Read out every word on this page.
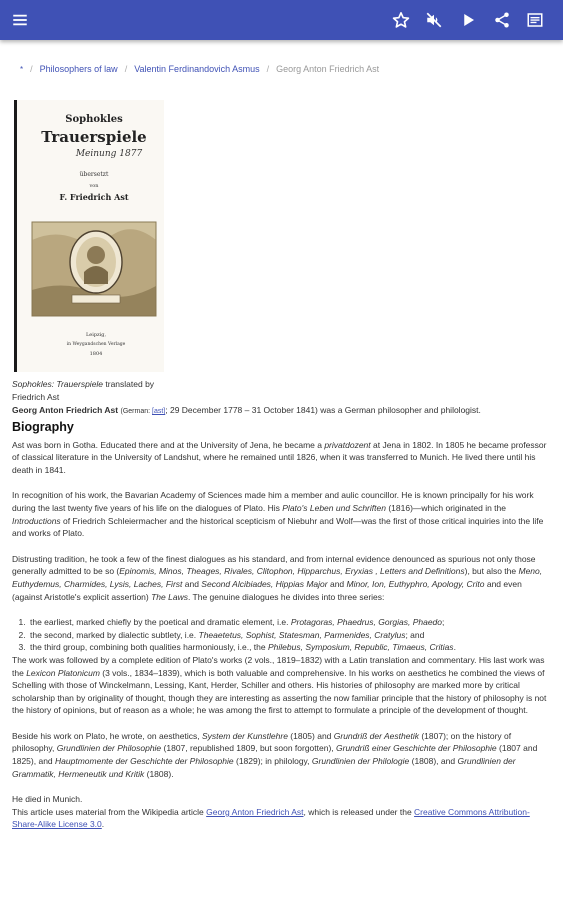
* / Philosophers of law / Valentin Ferdinandovich Asmus / Georg Anton Friedrich Ast
Sophokles
Trauerspiele
Meinung 1877
übersetzt
von
F. Friedrich Ast
Leipzig,
in Weygandschen Verlage
1804
Sophokles: Trauerspiele translated by
Friedrich Ast

Georg Anton Friedrich Ast (German: [ast]; 29 December 1778 – 31 October 1841) was a German philosopher and philologist.

Biography

Ast was born in Gotha. Educated there and at the University of Jena, he became a privatdozent at Jena in 1802. In 1805 he became professor of classical literature in the University of Landshut, where he remained until 1826, when it was transferred to Munich. He lived there until his death in 1841.

In recognition of his work, the Bavarian Academy of Sciences made him a member and aulic councillor. He is known principally for his work during the last twenty five years of his life on the dialogues of Plato. His Plato's Leben und Schriften (1816)—which originated in the Introductions of Friedrich Schleiermacher and the historical scepticism of Niebuhr and Wolf—was the first of those critical inquiries into the life and works of Plato.

Distrusting tradition, he took a few of the finest dialogues as his standard, and from internal evidence denounced as spurious not only those generally admitted to be so (Epinomis, Minos, Theages, Rivales, Clitophon, Hipparchus, Eryxias , Letters and Definitions), but also the Meno, Euthydemus, Charmides, Lysis, Laches, First and Second Alcibiades, Hippias Major and Minor, Ion, Euthyphro, Apology, Crito and even (against Aristotle's explicit assertion) The Laws. The genuine dialogues he divides into three series:

1. the earliest, marked chiefly by the poetical and dramatic element, i.e. Protagoras, Phaedrus, Gorgias, Phaedo;
2. the second, marked by dialectic subtlety, i.e. Theaetetus, Sophist, Statesman, Parmenides, Cratylus; and
3. the third group, combining both qualities harmoniously, i.e., the Philebus, Symposium, Republic, Timaeus, Critias.

The work was followed by a complete edition of Plato's works (2 vols., 1819–1832) with a Latin translation and commentary. His last work was the Lexicon Platonicum (3 vols., 1834–1839), which is both valuable and comprehensive. In his works on aesthetics he combined the views of Schelling with those of Winckelmann, Lessing, Kant, Herder, Schiller and others. His histories of philosophy are marked more by critical scholarship than by originality of thought, though they are interesting as asserting the now familiar principle that the history of philosophy is not the history of opinions, but of reason as a whole; he was among the first to attempt to formulate a principle of the development of thought.

Beside his work on Plato, he wrote, on aesthetics, System der Kunstlehre (1805) and Grundriß der Aesthetik (1807); on the history of philosophy, Grundlinien der Philosophie (1807, republished 1809, but soon forgotten), Grundriß einer Geschichte der Philosophie (1807 and 1825), and Hauptmomente der Geschichte der Philosophie (1829); in philology, Grundlinien der Philologie (1808), and Grundlinien der Grammatik, Hermeneutik und Kritik (1808).

He died in Munich.

This article uses material from the Wikipedia article Georg Anton Friedrich Ast, which is released under the Creative Commons Attribution-Share-Alike License 3.0.
